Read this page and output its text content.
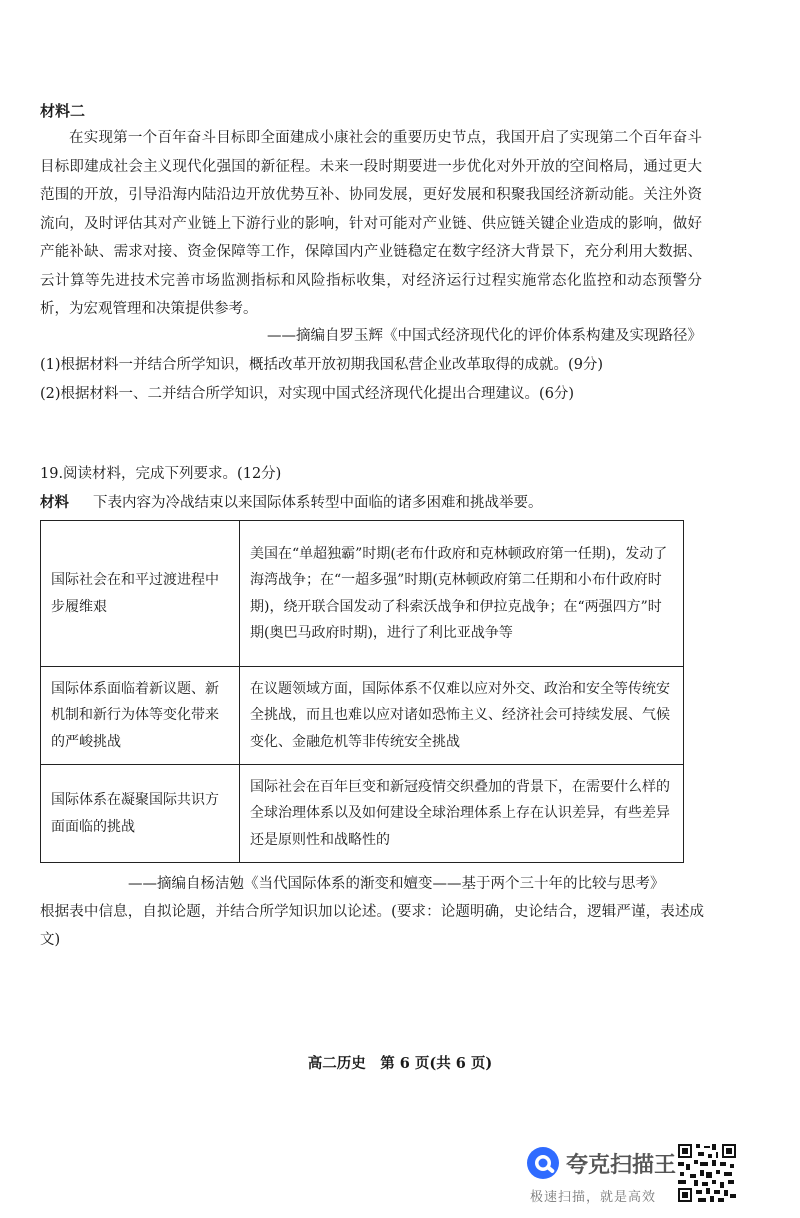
材料二
在实现第一个百年奋斗目标即全面建成小康社会的重要历史节点，我国开启了实现第二个百年奋斗目标即建成社会主义现代化强国的新征程。未来一段时期要进一步优化对外开放的空间格局，通过更大范围的开放，引导沿海内陆沿边开放优势互补、协同发展，更好发展和积聚我国经济新动能。关注外资流向，及时评估其对产业链上下游行业的影响，针对可能对产业链、供应链关键企业造成的影响，做好产能补缺、需求对接、资金保障等工作，保障国内产业链稳定在数字经济大背景下，充分利用大数据、云计算等先进技术完善市场监测指标和风险指标收集，对经济运行过程实施常态化监控和动态预警分析，为宏观管理和决策提供参考。
——摘编自罗玉辉《中国式经济现代化的评价体系构建及实现路径》
(1)根据材料一并结合所学知识，概括改革开放初期我国私营企业改革取得的成就。(9分)
(2)根据材料一、二并结合所学知识，对实现中国式经济现代化提出合理建议。(6分)
19.阅读材料，完成下列要求。(12分)
材料 下表内容为冷战结束以来国际体系转型中面临的诸多困难和挑战举要。
国际社会在和平过渡进程中步履维艰	美国在“单超独霸”时期(老布什政府和克林顿政府第一任期)，发动了海湾战争；在“一超多强”时期(克林顿政府第二任期和小布什政府时期)，绕开联合国发动了科索沃战争和伊拉克战争；在“两强四方”时期(奥巴马政府时期)，进行了利比亚战争等
国际体系面临着新议题、新机制和新行为体等变化带来的严峻挑战	在议题领域方面，国际体系不仅难以应对外交、政治和安全等传统安全挑战，而且也难以应对诸如恐怖主义、经济社会可持续发展、气候变化、金融危机等非传统安全挑战
国际体系在凝聚国际共识方面面临的挑战	国际社会在百年巨变和新冠疫情交织叠加的背景下，在需要什么样的全球治理体系以及如何建设全球治理体系上存在认识差异，有些差异还是原则性和战略性的
——摘编自杨洁勉《当代国际体系的渐变和嬗变——基于两个三十年的比较与思考》
根据表中信息，自拟论题，并结合所学知识加以论述。(要求：论题明确，史论结合，逻辑严谨，表述成文)
高二历史　第 6 页(共 6 页)
夸克扫描王
极速扫描，就是高效
